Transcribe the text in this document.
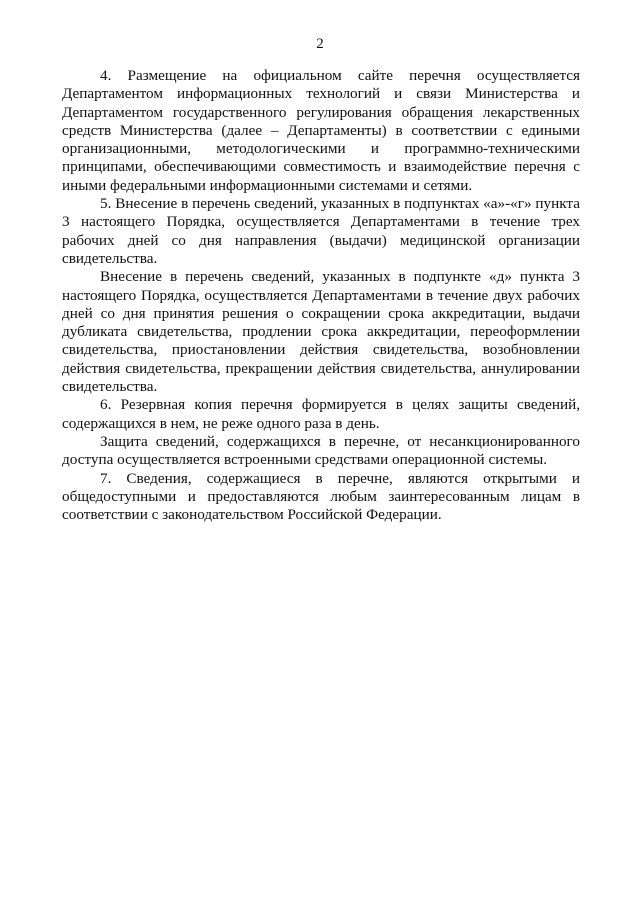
2

4. Размещение на официальном сайте перечня осуществляется Департаментом информационных технологий и связи Министерства и Департаментом государственного регулирования обращения лекарственных средств Министерства (далее – Департаменты) в соответствии с едиными организационными, методологическими и программно-техническими принципами, обеспечивающими совместимость и взаимодействие перечня с иными федеральными информационными системами и сетями.

5. Внесение в перечень сведений, указанных в подпунктах «а»-«г» пункта 3 настоящего Порядка, осуществляется Департаментами в течение трех рабочих дней со дня направления (выдачи) медицинской организации свидетельства.

Внесение в перечень сведений, указанных в подпункте «д» пункта 3 настоящего Порядка, осуществляется Департаментами в течение двух рабочих дней со дня принятия решения о сокращении срока аккредитации, выдачи дубликата свидетельства, продлении срока аккредитации, переоформлении свидетельства, приостановлении действия свидетельства, возобновлении действия свидетельства, прекращении действия свидетельства, аннулировании свидетельства.

6. Резервная копия перечня формируется в целях защиты сведений, содержащихся в нем, не реже одного раза в день.

Защита сведений, содержащихся в перечне, от несанкционированного доступа осуществляется встроенными средствами операционной системы.

7. Сведения, содержащиеся в перечне, являются открытыми и общедоступными и предоставляются любым заинтересованным лицам в соответствии с законодательством Российской Федерации.
